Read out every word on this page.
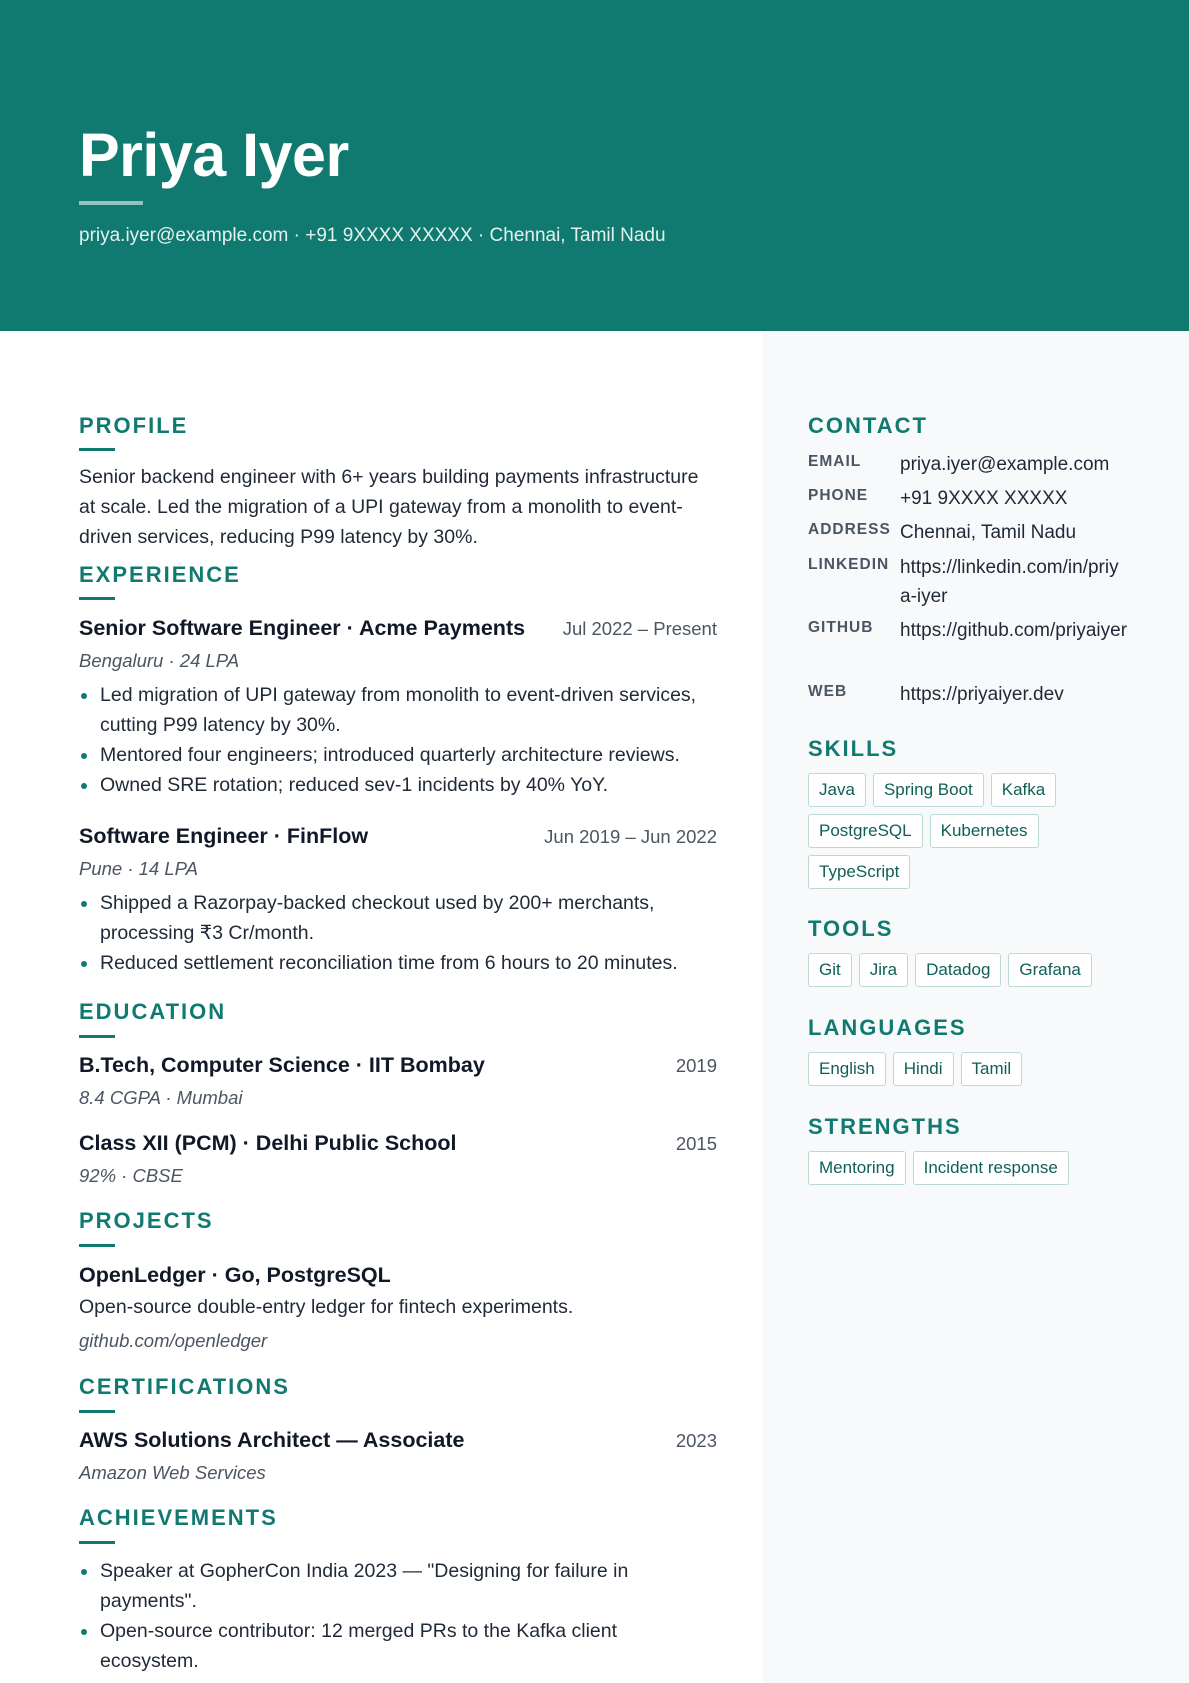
Priya Iyer
priya.iyer@example.com · +91 9XXXX XXXXX · Chennai, Tamil Nadu
PROFILE

Senior backend engineer with 6+ years building payments infrastructure at scale. Led the migration of a UPI gateway from a monolith to event-driven services, reducing P99 latency by 30%.

EXPERIENCE
Senior Software Engineer · Acme Payments	Jul 2022 – Present
Bengaluru · 24 LPA
Led migration of UPI gateway from monolith to event-driven services, cutting P99 latency by 30%.
Mentored four engineers; introduced quarterly architecture reviews.
Owned SRE rotation; reduced sev-1 incidents by 40% YoY.
Software Engineer · FinFlow	Jun 2019 – Jun 2022
Pune · 14 LPA
Shipped a Razorpay-backed checkout used by 200+ merchants, processing ₹3 Cr/month.
Reduced settlement reconciliation time from 6 hours to 20 minutes.
EDUCATION
B.Tech, Computer Science · IIT Bombay	2019
8.4 CGPA · Mumbai
Class XII (PCM) · Delhi Public School	2015
92% · CBSE
PROJECTS
OpenLedger · Go, PostgreSQL
Open-source double-entry ledger for fintech experiments.
github.com/openledger
CERTIFICATIONS
AWS Solutions Architect — Associate	2023
Amazon Web Services
ACHIEVEMENTS
Speaker at GopherCon India 2023 — "Designing for failure in payments".
Open-source contributor: 12 merged PRs to the Kafka client ecosystem.
CONTACT
EMAIL priya.iyer@example.com
PHONE +91 9XXXX XXXXX
ADDRESS Chennai, Tamil Nadu
LINKEDIN https://linkedin.com/in/priya-iyer
GITHUB https://github.com/priyaiyer
WEB	https://priyaiyer.dev
SKILLS
Java	Spring Boot	Kafka
PostgreSQL	Kubernetes
TypeScript
TOOLS
Git	Jira	Datadog	Grafana
LANGUAGES
English	Hindi	Tamil
STRENGTHS
Mentoring	Incident response
